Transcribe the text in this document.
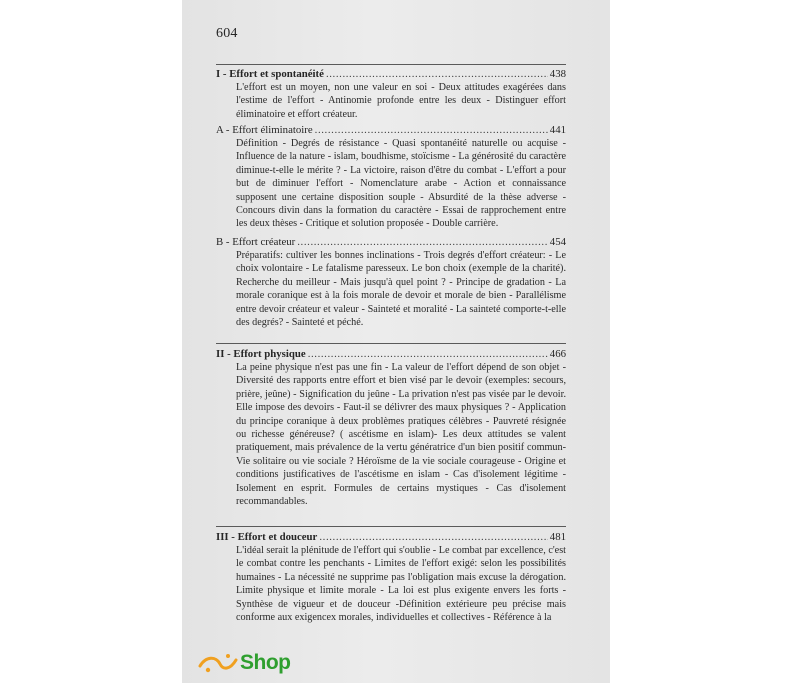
604
I - Effort et spontanéité .....	438

L'effort est un moyen, non une valeur en soi - Deux attitudes exagérées dans l'estime de l'effort - Antinomie profonde entre les deux - Distinguer effort éliminatoire et effort créateur.

A - Effort éliminatoire .....	441

Définition - Degrés de résistance - Quasi spontanéité naturelle ou acquise - Influence de la nature - islam, boudhisme, stoïcisme - La générosité du caractère diminue-t-elle le mérite ? - La victoire, raison d'être du combat - L'effort a pour but de diminuer l'effort - Nomenclature arabe - Action et connaissance supposent une certaine disposition souple - Absurdité de la thèse adverse - Concours divin dans la formation du caractère - Essai de rapprochement entre les deux thèses - Critique et solution proposée - Double carrière.

B - Effort créateur .....	454

Préparatifs: cultiver les bonnes inclinations - Trois degrés d'effort créateur: - Le choix volontaire - Le fatalisme paresseux. Le bon choix (exemple de la charité). Recherche du meilleur - Mais jusqu'à quel point ? - Principe de gradation - La morale coranique est à la fois morale de devoir et morale de bien - Parallélisme entre devoir créateur et valeur - Sainteté et moralité - La sainteté comporte-t-elle des degrés? - Sainteté et péché.

II - Effort physique .....	466

La peine physique n'est pas une fin - La valeur de l'effort dépend de son objet - Diversité des rapports entre effort et bien visé par le devoir (exemples: secours, prière, jeûne) - Signification du jeûne - La privation n'est pas visée par le devoir. Elle impose des devoirs - Faut-il se délivrer des maux physiques ? - Application du principe coranique à deux problèmes pratiques célèbres - Pauvreté résignée ou richesse généreuse? ( ascétisme en islam)- Les deux attitudes se valent pratiquement, mais prévalence de la vertu génératrice d'un bien positif commun- Vie solitaire ou vie sociale ? Héroïsme de la vie sociale courageuse - Origine et conditions justificatives de l'ascétisme en islam - Cas d'isolement légitime - Isolement en esprit. Formules de certains mystiques - Cas d'isolement recommandables.

III - Effort et douceur .....	481

L'idéal serait la plénitude de l'effort qui s'oublie - Le combat par excellence, c'est le combat contre les penchants - Limites de l'effort exigé: selon les possibilités humaines - La nécessité ne supprime pas l'obligation mais excuse la dérogation. Limite physique et limite morale - La loi est plus exigente envers les forts - Synthèse de vigueur et de douceur -Définition extérieure peu précise mais conforme aux exigencex morales, individuelles et collectives - Référence à la

Shop
